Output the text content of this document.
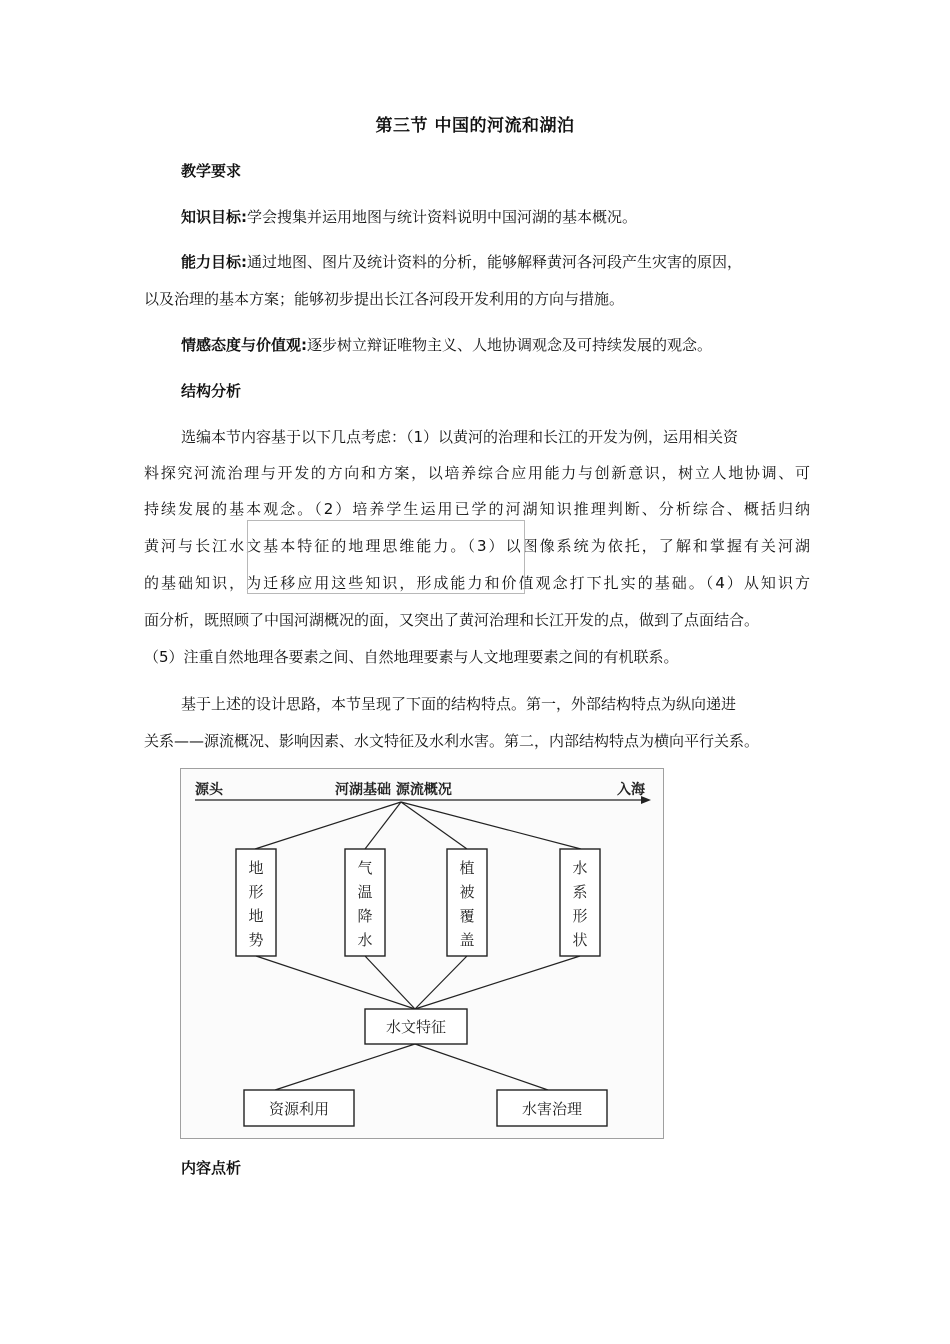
第三节 中国的河流和湖泊
教学要求
知识目标:学会搜集并运用地图与统计资料说明中国河湖的基本概况。
能力目标:通过地图、图片及统计资料的分析，能够解释黄河各河段产生灾害的原因，
以及治理的基本方案；能够初步提出长江各河段开发利用的方向与措施。
情感态度与价值观:逐步树立辩证唯物主义、人地协调观念及可持续发展的观念。
结构分析
选编本节内容基于以下几点考虑：（1）以黄河的治理和长江的开发为例，运用相关资
料探究河流治理与开发的方向和方案，以培养综合应用能力与创新意识，树立人地协调、可
持续发展的基本观念。（2）培养学生运用已学的河湖知识推理判断、分析综合、概括归纳
黄河与长江水文基本特征的地理思维能力。（3）以图像系统为依托，了解和掌握有关河湖
的基础知识，为迁移应用这些知识，形成能力和价值观念打下扎实的基础。（4）从知识方
面分析，既照顾了中国河湖概况的面，又突出了黄河治理和长江开发的点，做到了点面结合。
（5）注重自然地理各要素之间、自然地理要素与人文地理要素之间的有机联系。
基于上述的设计思路，本节呈现了下面的结构特点。第一，外部结构特点为纵向递进
关系——源流概况、影响因素、水文特征及水利水害。第二，内部结构特点为横向平行关系。
源头	河湖基础 源流概况	入海
地
形
地
势
气
温
降
水
植
被
覆
盖
水
系
形
状
水文特征
资源利用	水害治理
内容点析
